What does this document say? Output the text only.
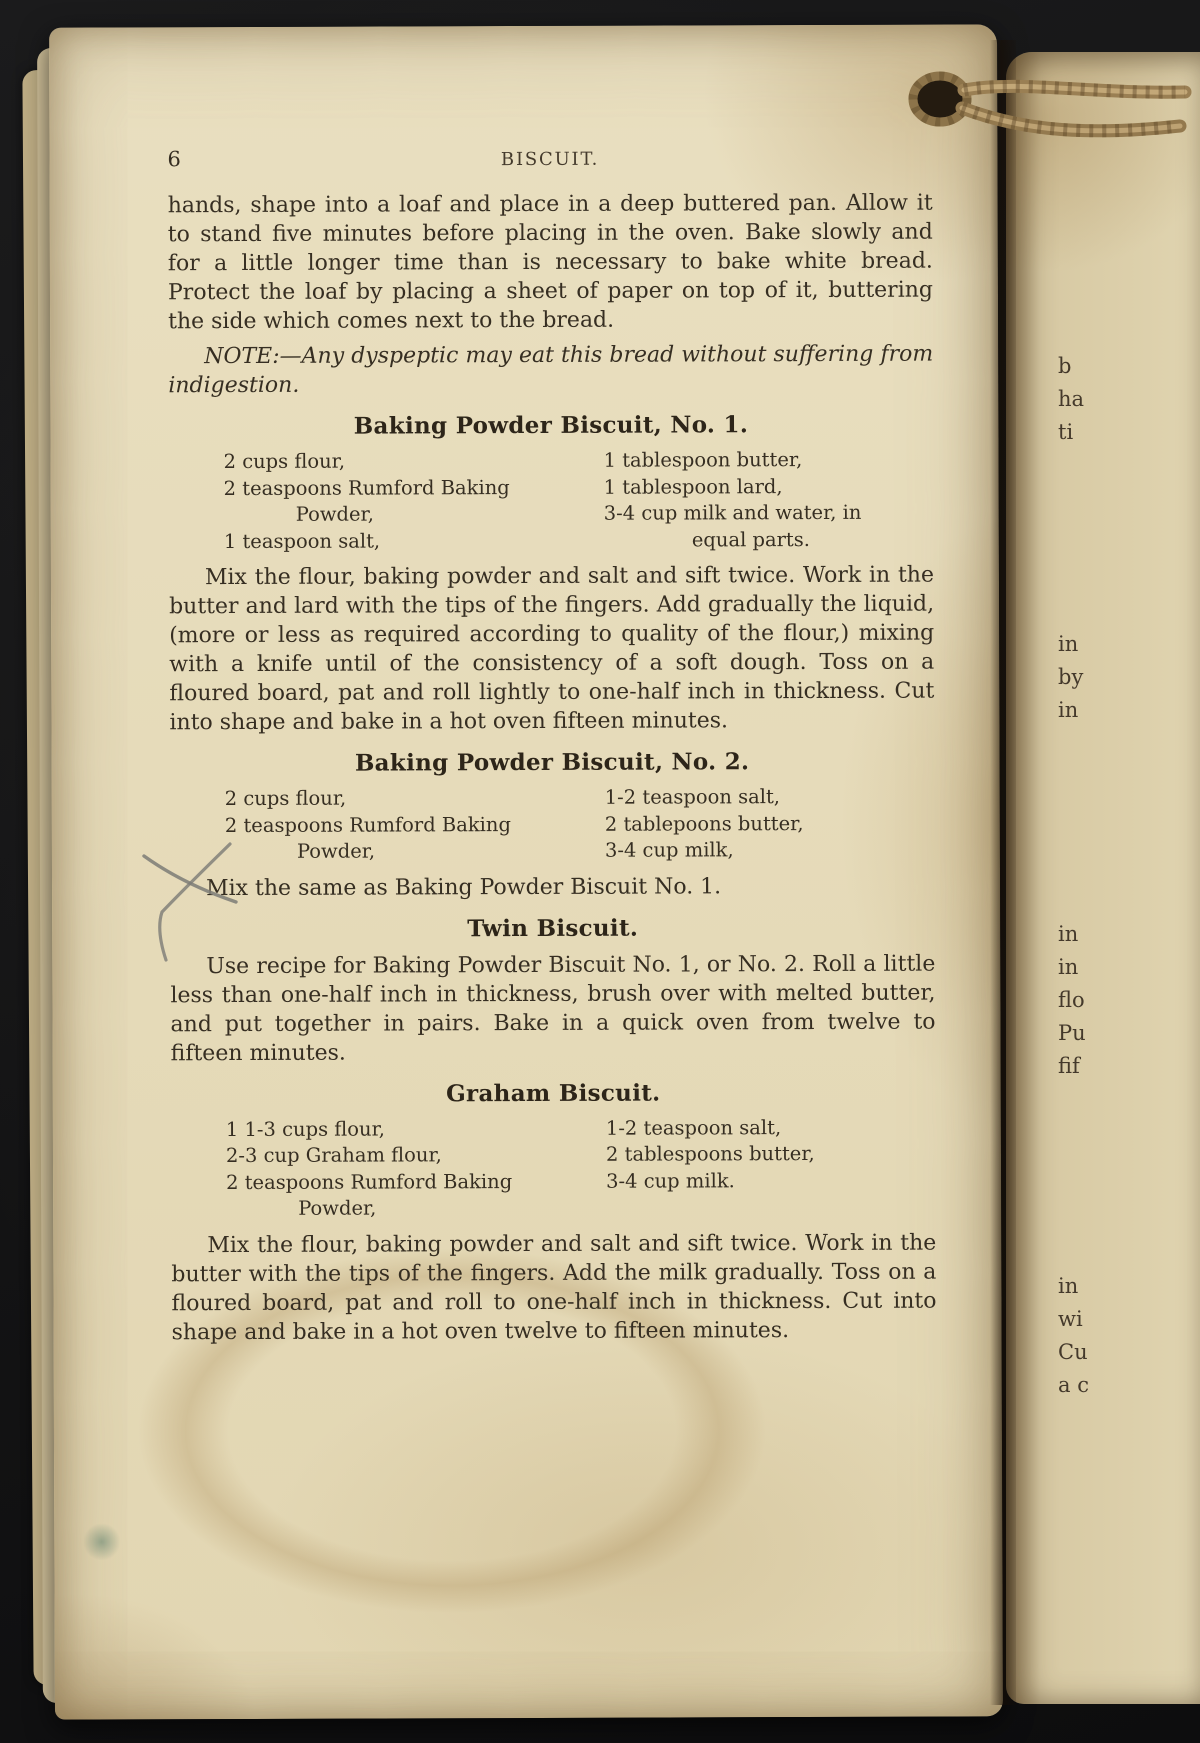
b
ha
ti
in
by
in
in
in
flo
Pu
fif
in
wi
Cu
a c
6	BISCUIT.

hands, shape into a loaf and place in a deep buttered pan. Allow it to stand five minutes before placing in the oven. Bake slowly and for a little longer time than is necessary to bake white bread. Protect the loaf by placing a sheet of paper on top of it, buttering the side which comes next to the bread.

NOTE:—Any dyspeptic may eat this bread without suffering from indigestion.

Baking Powder Biscuit, No. 1.
2 cups flour,
2 teaspoons Rumford Baking
Powder,
1 teaspoon salt,
1 tablespoon butter,
1 tablespoon lard,
3-4 cup milk and water, in
equal parts.

Mix the flour, baking powder and salt and sift twice. Work in the butter and lard with the tips of the fingers. Add gradually the liquid, (more or less as required according to quality of the flour,) mixing with a knife until of the consistency of a soft dough. Toss on a floured board, pat and roll lightly to one-half inch in thickness. Cut into shape and bake in a hot oven fifteen minutes.

Baking Powder Biscuit, No. 2.
2 cups flour,
2 teaspoons Rumford Baking
Powder,
1-2 teaspoon salt,
2 tablepoons butter,
3-4 cup milk,

Mix the same as Baking Powder Biscuit No. 1.

Twin Biscuit.

Use recipe for Baking Powder Biscuit No. 1, or No. 2. Roll a little less than one-half inch in thickness, brush over with melted butter, and put together in pairs. Bake in a quick oven from twelve to fifteen minutes.

Graham Biscuit.
1 1-3 cups flour,
2-3 cup Graham flour,
2 teaspoons Rumford Baking
Powder,
1-2 teaspoon salt,
2 tablespoons butter,
3-4 cup milk.

Mix the flour, baking powder and salt and sift twice. Work in the butter with the tips of the fingers. Add the milk gradually. Toss on a floured board, pat and roll to one-half inch in thickness. Cut into shape and bake in a hot oven twelve to fifteen minutes.
